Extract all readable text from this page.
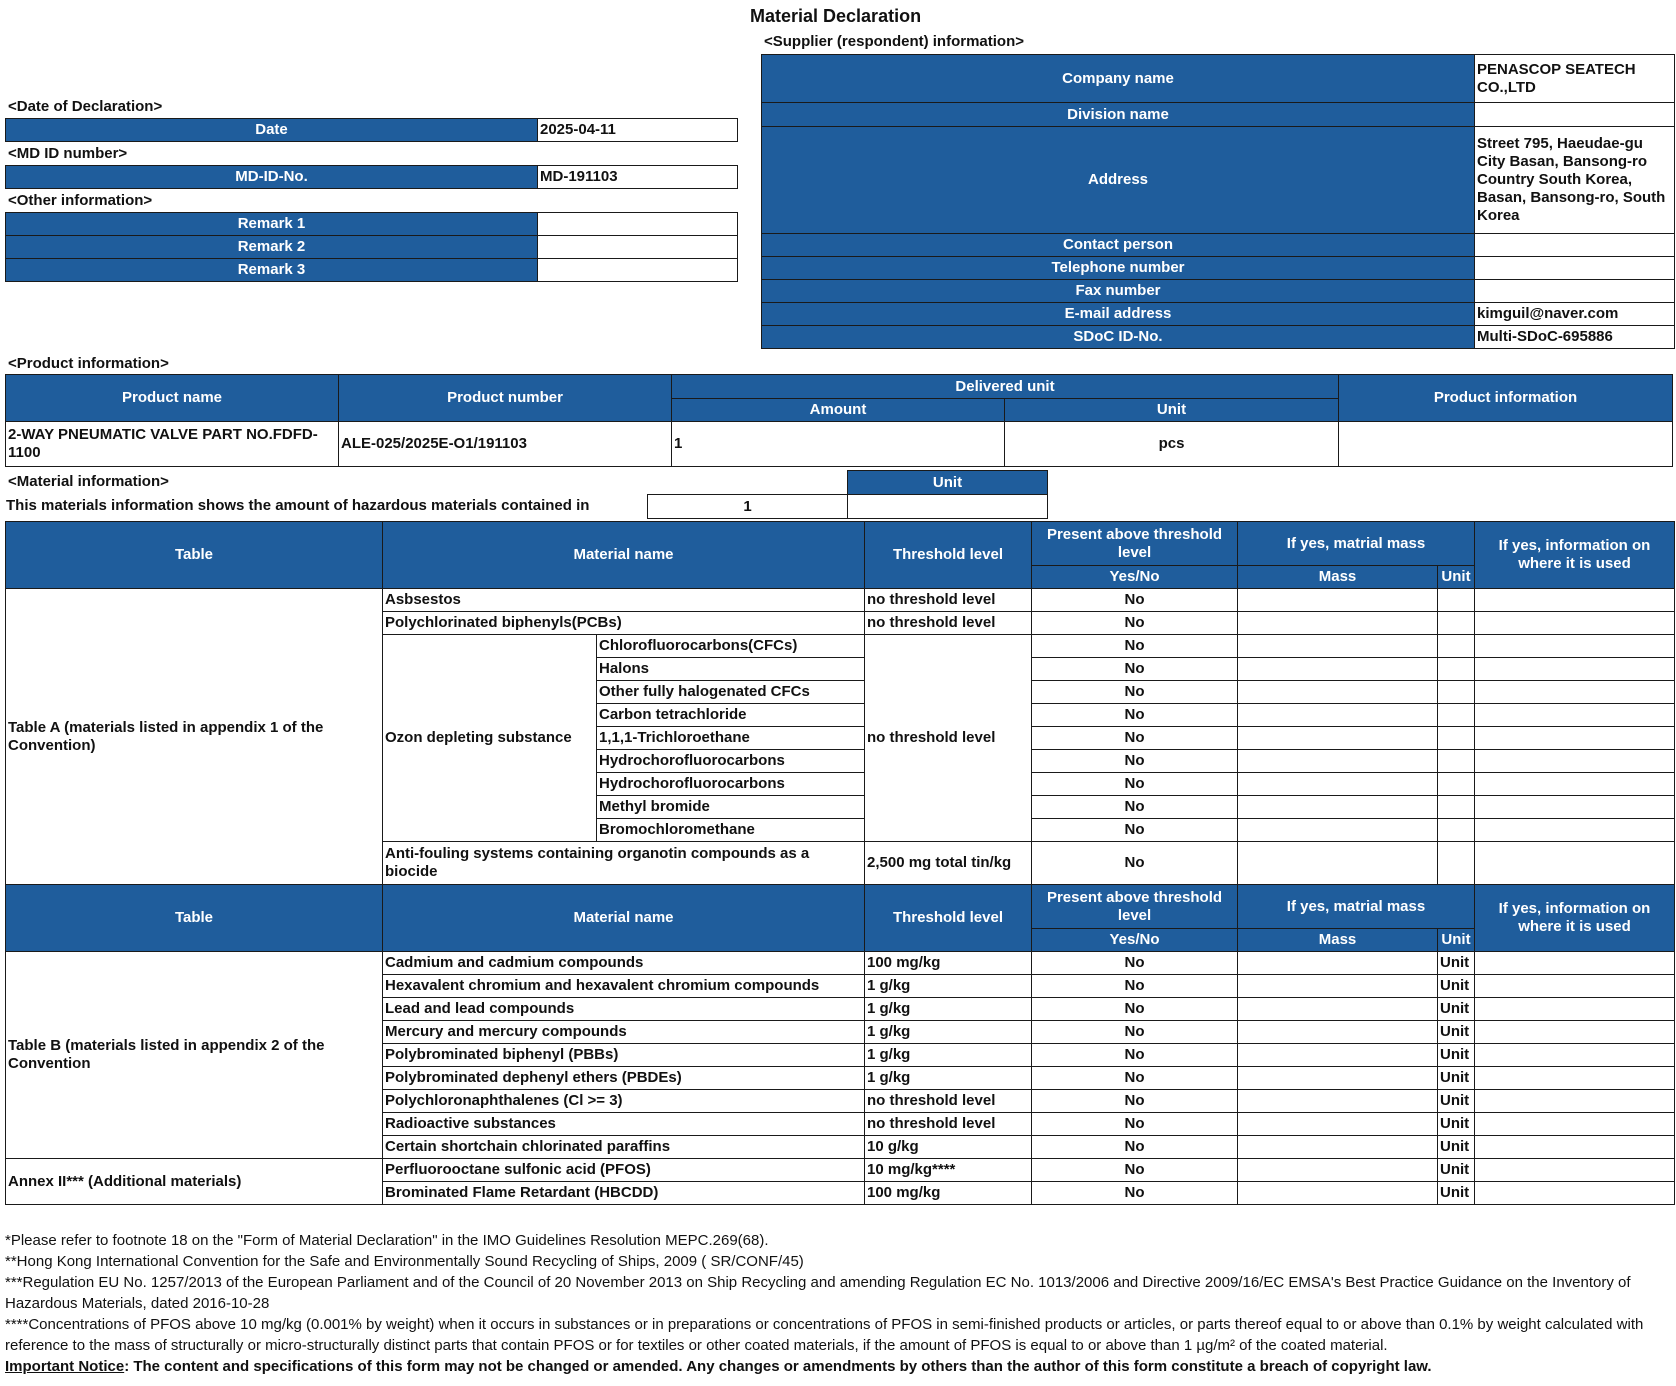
Material Declaration
<Supplier (respondent) information>
Company name	PENASCOP SEATECH CO.,LTD
Division name	
Address	Street 795, Haeudae-gu City Basan, Bansong-ro Country South Korea, Basan, Bansong-ro, South Korea
Contact person	
Telephone number	
Fax number	
E-mail address	kimguil@naver.com
SDoC ID-No.	Multi-SDoC-695886
<Date of Declaration>
Date	2025-04-11
<MD ID number>
MD-ID-No.	MD-191103
<Other information>
Remark 1	
Remark 2	
Remark 3	
<Product information>
Product name	Product number	Delivered unit		Product information
		Amount	Unit	
2-WAY PNEUMATIC VALVE PART NO.FDFD-1100	ALE-025/2025E-O1/191103	1	pcs	
<Material information>
This materials information shows the amount of hazardous materials contained in
	Unit
1	
Table	Material name		Threshold level	Present above threshold level	If yes, matrial mass		If yes, information on where it is used
				Yes/No	Mass	Unit	
Table A (materials listed in appendix 1 of the Convention)	Asbsestos		no threshold level	No			
	Polychlorinated biphenyls(PCBs)		no threshold level	No			
	Ozon depleting substance	Chlorofluorocarbons(CFCs)	no threshold level	No			
		Halons		No			
		Other fully halogenated CFCs		No			
		Carbon tetrachloride		No			
		1,1,1-Trichloroethane		No			
		Hydrochorofluorocarbons		No			
		Hydrochorofluorocarbons		No			
		Methyl bromide		No			
		Bromochloromethane		No			
	Anti-fouling systems containing organotin compounds as a biocide		2,500 mg total tin/kg	No			
Table	Material name		Threshold level	Present above threshold level	If yes, matrial mass		If yes, information on where it is used
				Yes/No	Mass	Unit	
Table B (materials listed in appendix 2 of the Convention	Cadmium and cadmium compounds		100 mg/kg	No		Unit	
	Hexavalent chromium and hexavalent chromium compounds		1 g/kg	No		Unit	
	Lead and lead compounds		1 g/kg	No		Unit	
	Mercury and mercury compounds		1 g/kg	No		Unit	
	Polybrominated biphenyl (PBBs)		1 g/kg	No		Unit	
	Polybrominated dephenyl ethers (PBDEs)		1 g/kg	No		Unit	
	Polychloronaphthalenes (Cl >= 3)		no threshold level	No		Unit	
	Radioactive substances		no threshold level	No		Unit	
	Certain shortchain chlorinated paraffins		10 g/kg	No		Unit	
Annex II*** (Additional materials)	Perfluorooctane sulfonic acid (PFOS)		10 mg/kg****	No		Unit	
	Brominated Flame Retardant (HBCDD)		100 mg/kg	No		Unit	
*Please refer to footnote 18 on the "Form of Material Declaration" in the IMO Guidelines Resolution MEPC.269(68).
**Hong Kong International Convention for the Safe and Environmentally Sound Recycling of Ships, 2009 ( SR/CONF/45)
***Regulation EU No. 1257/2013 of the European Parliament and of the Council of 20 November 2013 on Ship Recycling and amending Regulation EC No. 1013/2006 and Directive 2009/16/EC EMSA's Best Practice Guidance on the Inventory of Hazardous Materials, dated 2016-10-28
****Concentrations of PFOS above 10 mg/kg (0.001% by weight) when it occurs in substances or in preparations or concentrations of PFOS in semi-finished products or articles, or parts thereof equal to or above than 0.1% by weight calculated with reference to the mass of structurally or micro-structurally distinct parts that contain PFOS or for textiles or other coated materials, if the amount of PFOS is equal to or above than 1 µg/m² of the coated material.
Important Notice: The content and specifications of this form may not be changed or amended. Any changes or amendments by others than the author of this form constitute a breach of copyright law.
